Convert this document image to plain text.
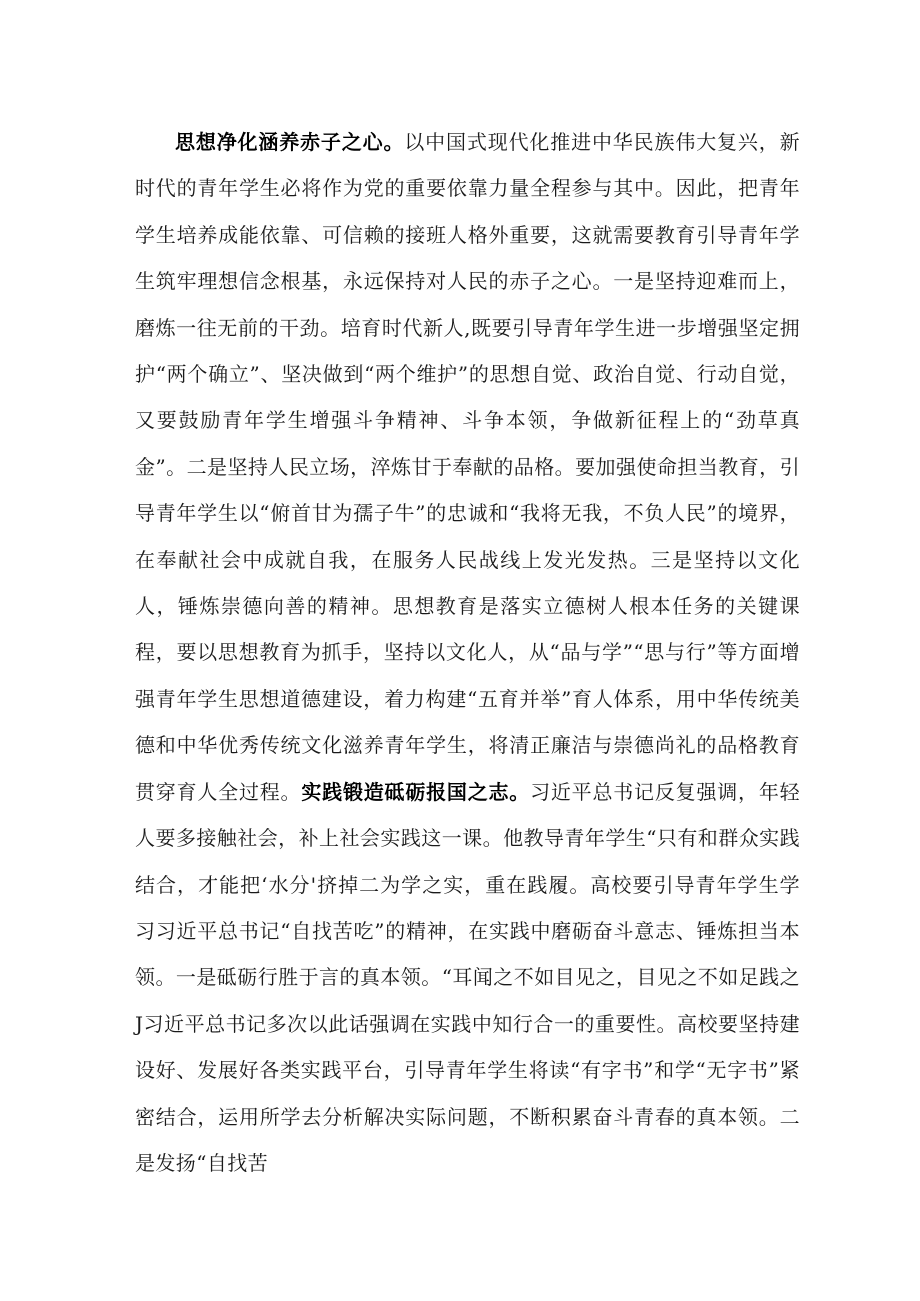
思想净化涵养赤子之心。以中国式现代化推进中华民族伟大复兴，新时代的青年学生必将作为党的重要依靠力量全程参与其中。因此，把青年学生培养成能依靠、可信赖的接班人格外重要，这就需要教育引导青年学生筑牢理想信念根基，永远保持对人民的赤子之心。一是坚持迎难而上，磨炼一往无前的干劲。培育时代新人,既要引导青年学生进一步增强坚定拥护“两个确立”、坚决做到“两个维护”的思想自觉、政治自觉、行动自觉，又要鼓励青年学生增强斗争精神、斗争本领，争做新征程上的“劲草真金”。二是坚持人民立场，淬炼甘于奉献的品格。要加强使命担当教育，引导青年学生以“俯首甘为孺子牛”的忠诚和“我将无我，不负人民”的境界，在奉献社会中成就自我，在服务人民战线上发光发热。三是坚持以文化人，锤炼崇德向善的精神。思想教育是落实立德树人根本任务的关键课程，要以思想教育为抓手，坚持以文化人，从“品与学”“思与行”等方面增强青年学生思想道德建设，着力构建“五育并举”育人体系，用中华传统美德和中华优秀传统文化滋养青年学生，将清正廉洁与崇德尚礼的品格教育贯穿育人全过程。实践锻造砥砺报国之志。习近平总书记反复强调，年轻人要多接触社会，补上社会实践这一课。他教导青年学生“只有和群众实践结合，才能把‘水分'挤掉二为学之实，重在践履。高校要引导青年学生学习习近平总书记“自找苦吃”的精神，在实践中磨砺奋斗意志、锤炼担当本领。一是砥砺行胜于言的真本领。“耳闻之不如目见之，目见之不如足践之J习近平总书记多次以此话强调在实践中知行合一的重要性。高校要坚持建设好、发展好各类实践平台，引导青年学生将读“有字书”和学“无字书”紧密结合，运用所学去分析解决实际问题，不断积累奋斗青春的真本领。二是发扬“自找苦
